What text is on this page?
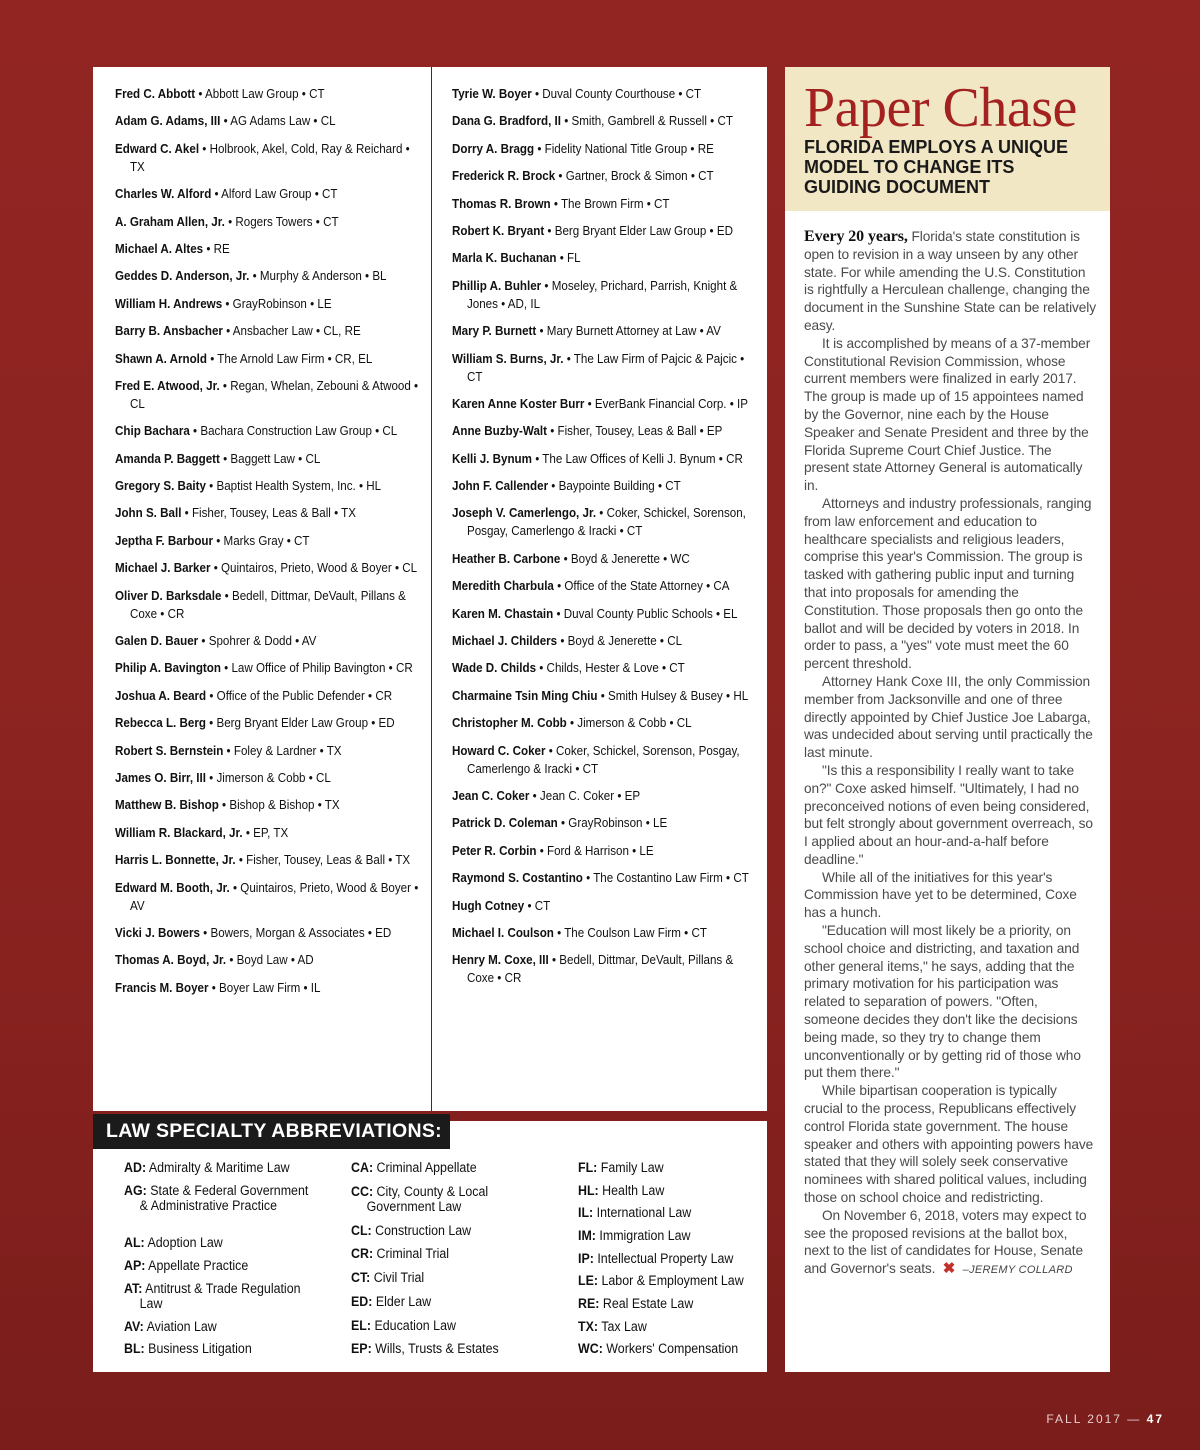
Fred C. Abbott • Abbott Law Group • CT
Adam G. Adams, III • AG Adams Law • CL
Edward C. Akel • Holbrook, Akel, Cold, Ray & Reichard • TX
Charles W. Alford • Alford Law Group • CT
A. Graham Allen, Jr. • Rogers Towers • CT
Michael A. Altes • RE
Geddes D. Anderson, Jr. • Murphy & Anderson • BL
William H. Andrews • GrayRobinson • LE
Barry B. Ansbacher • Ansbacher Law • CL, RE
Shawn A. Arnold • The Arnold Law Firm • CR, EL
Fred E. Atwood, Jr. • Regan, Whelan, Zebouni & Atwood • CL
Chip Bachara • Bachara Construction Law Group • CL
Amanda P. Baggett • Baggett Law • CL
Gregory S. Baity • Baptist Health System, Inc. • HL
John S. Ball • Fisher, Tousey, Leas & Ball • TX
Jeptha F. Barbour • Marks Gray • CT
Michael J. Barker • Quintairos, Prieto, Wood & Boyer • CL
Oliver D. Barksdale • Bedell, Dittmar, DeVault, Pillans & Coxe • CR
Galen D. Bauer • Spohrer & Dodd • AV
Philip A. Bavington • Law Office of Philip Bavington • CR
Joshua A. Beard • Office of the Public Defender • CR
Rebecca L. Berg • Berg Bryant Elder Law Group • ED
Robert S. Bernstein • Foley & Lardner • TX
James O. Birr, III • Jimerson & Cobb • CL
Matthew B. Bishop • Bishop & Bishop • TX
William R. Blackard, Jr. • EP, TX
Harris L. Bonnette, Jr. • Fisher, Tousey, Leas & Ball • TX
Edward M. Booth, Jr. • Quintairos, Prieto, Wood & Boyer • AV
Vicki J. Bowers • Bowers, Morgan & Associates • ED
Thomas A. Boyd, Jr. • Boyd Law • AD
Francis M. Boyer • Boyer Law Firm • IL
Tyrie W. Boyer • Duval County Courthouse • CT
Dana G. Bradford, II • Smith, Gambrell & Russell • CT
Dorry A. Bragg • Fidelity National Title Group • RE
Frederick R. Brock • Gartner, Brock & Simon • CT
Thomas R. Brown • The Brown Firm • CT
Robert K. Bryant • Berg Bryant Elder Law Group • ED
Marla K. Buchanan • FL
Phillip A. Buhler • Moseley, Prichard, Parrish, Knight & Jones • AD, IL
Mary P. Burnett • Mary Burnett Attorney at Law • AV
William S. Burns, Jr. • The Law Firm of Pajcic & Pajcic • CT
Karen Anne Koster Burr • EverBank Financial Corp. • IP
Anne Buzby-Walt • Fisher, Tousey, Leas & Ball • EP
Kelli J. Bynum • The Law Offices of Kelli J. Bynum • CR
John F. Callender • Baypointe Building • CT
Joseph V. Camerlengo, Jr. • Coker, Schickel, Sorenson, Posgay, Camerlengo & Iracki • CT
Heather B. Carbone • Boyd & Jenerette • WC
Meredith Charbula • Office of the State Attorney • CA
Karen M. Chastain • Duval County Public Schools • EL
Michael J. Childers • Boyd & Jenerette • CL
Wade D. Childs • Childs, Hester & Love • CT
Charmaine Tsin Ming Chiu • Smith Hulsey & Busey • HL
Christopher M. Cobb • Jimerson & Cobb • CL
Howard C. Coker • Coker, Schickel, Sorenson, Posgay, Camerlengo & Iracki • CT
Jean C. Coker • Jean C. Coker • EP
Patrick D. Coleman • GrayRobinson • LE
Peter R. Corbin • Ford & Harrison • LE
Raymond S. Costantino • The Costantino Law Firm • CT
Hugh Cotney • CT
Michael I. Coulson • The Coulson Law Firm • CT
Henry M. Coxe, III • Bedell, Dittmar, DeVault, Pillans & Coxe • CR
LAW SPECIALTY ABBREVIATIONS:
AD: Admiralty & Maritime Law
AG: State & Federal Government & Administrative Practice
AL: Adoption Law
AP: Appellate Practice
AT: Antitrust & Trade Regulation Law
AV: Aviation Law
BL: Business Litigation
CA: Criminal Appellate
CC: City, County & Local Government Law
CL: Construction Law
CR: Criminal Trial
CT: Civil Trial
ED: Elder Law
EL: Education Law
EP: Wills, Trusts & Estates
FL: Family Law
HL: Health Law
IL: International Law
IM: Immigration Law
IP: Intellectual Property Law
LE: Labor & Employment Law
RE: Real Estate Law
TX: Tax Law
WC: Workers' Compensation
Paper Chase
FLORIDA EMPLOYS A UNIQUE MODEL TO CHANGE ITS GUIDING DOCUMENT

Every 20 years, Florida's state constitution is open to revision in a way unseen by any other state. For while amending the U.S. Constitution is rightfully a Herculean challenge, changing the document in the Sunshine State can be relatively easy.

It is accomplished by means of a 37-member Constitutional Revision Commission, whose current members were finalized in early 2017. The group is made up of 15 appointees named by the Governor, nine each by the House Speaker and Senate President and three by the Florida Supreme Court Chief Justice. The present state Attorney General is automatically in.

Attorneys and industry professionals, ranging from law enforcement and education to healthcare specialists and religious leaders, comprise this year's Commission. The group is tasked with gathering public input and turning that into proposals for amending the Constitution. Those proposals then go onto the ballot and will be decided by voters in 2018. In order to pass, a "yes" vote must meet the 60 percent threshold.

Attorney Hank Coxe III, the only Commission member from Jacksonville and one of three directly appointed by Chief Justice Joe Labarga, was undecided about serving until practically the last minute.

"Is this a responsibility I really want to take on?" Coxe asked himself. "Ultimately, I had no preconceived notions of even being considered, but felt strongly about government overreach, so I applied about an hour-and-a-half before deadline."

While all of the initiatives for this year's Commission have yet to be determined, Coxe has a hunch.

"Education will most likely be a priority, on school choice and districting, and taxation and other general items," he says, adding that the primary motivation for his participation was related to separation of powers. "Often, someone decides they don't like the decisions being made, so they try to change them unconventionally or by getting rid of those who put them there."

While bipartisan cooperation is typically crucial to the process, Republicans effectively control Florida state government. The house speaker and others with appointing powers have stated that they will solely seek conservative nominees with shared political values, including those on school choice and redistricting.

On November 6, 2018, voters may expect to see the proposed revisions at the ballot box, next to the list of candidates for House, Senate and Governor's seats. ✖ –JEREMY COLLARD

FALL 2017 — 47
